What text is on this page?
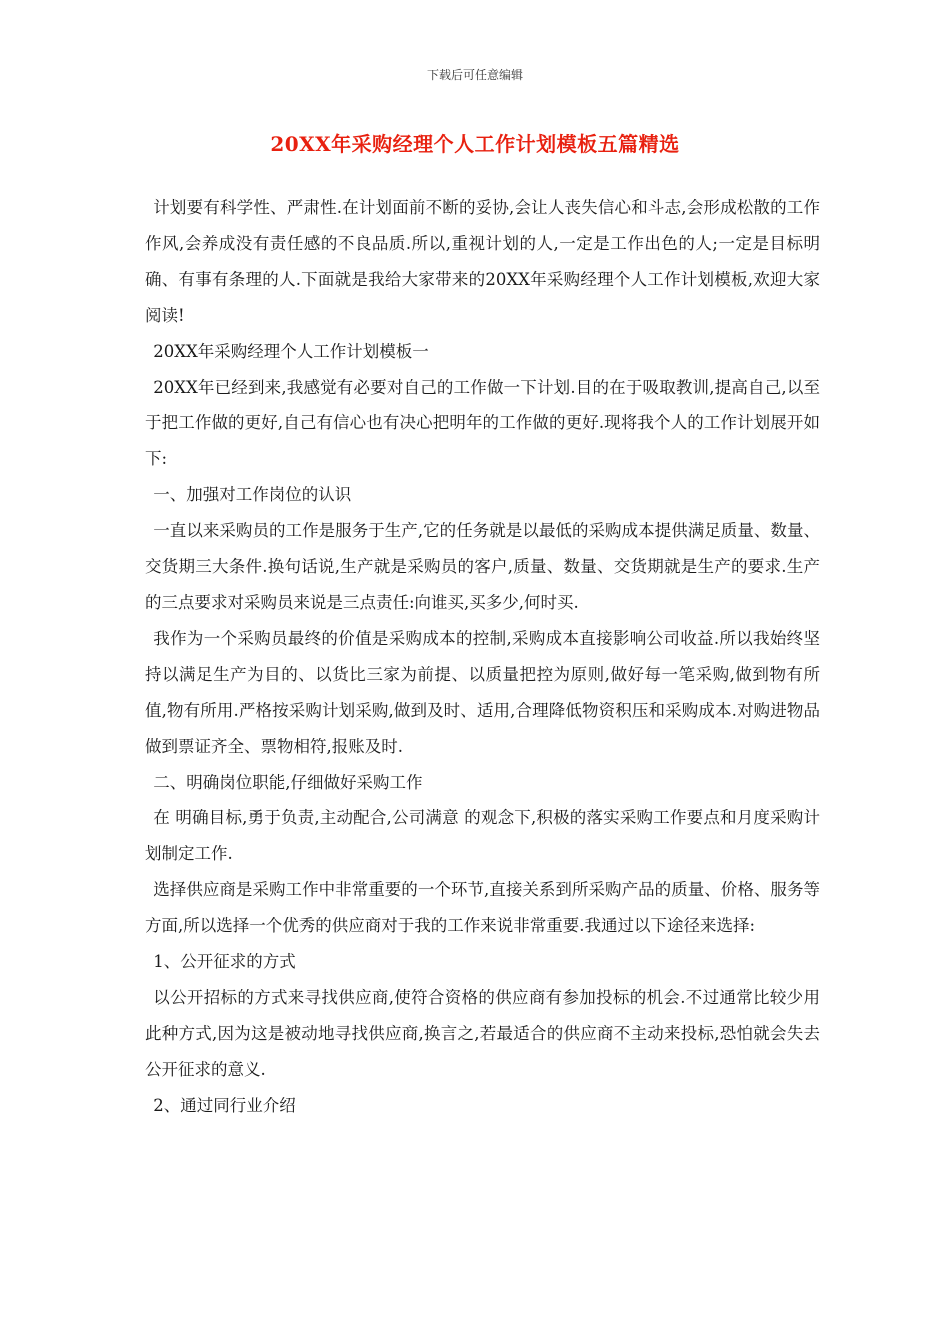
下载后可任意编辑
20XX年采购经理个人工作计划模板五篇精选

计划要有科学性、严肃性.在计划面前不断的妥协,会让人丧失信心和斗志,会形成松散的工作作风,会养成没有责任感的不良品质.所以,重视计划的人,一定是工作出色的人;一定是目标明确、有事有条理的人.下面就是我给大家带来的20XX年采购经理个人工作计划模板,欢迎大家阅读!

20XX年采购经理个人工作计划模板一

20XX年已经到来,我感觉有必要对自己的工作做一下计划.目的在于吸取教训,提高自己,以至于把工作做的更好,自己有信心也有决心把明年的工作做的更好.现将我个人的工作计划展开如下:

一、加强对工作岗位的认识

一直以来采购员的工作是服务于生产,它的任务就是以最低的采购成本提供满足质量、数量、交货期三大条件.换句话说,生产就是采购员的客户,质量、数量、交货期就是生产的要求.生产的三点要求对采购员来说是三点责任:向谁买,买多少,何时买.

我作为一个采购员最终的价值是采购成本的控制,采购成本直接影响公司收益.所以我始终坚持以满足生产为目的、以货比三家为前提、以质量把控为原则,做好每一笔采购,做到物有所值,物有所用.严格按采购计划采购,做到及时、适用,合理降低物资积压和采购成本.对购进物品做到票证齐全、票物相符,报账及时.

二、明确岗位职能,仔细做好采购工作

在 明确目标,勇于负责,主动配合,公司满意 的观念下,积极的落实采购工作要点和月度采购计划制定工作.

选择供应商是采购工作中非常重要的一个环节,直接关系到所采购产品的质量、价格、服务等方面,所以选择一个优秀的供应商对于我的工作来说非常重要.我通过以下途径来选择:

1、公开征求的方式

以公开招标的方式来寻找供应商,使符合资格的供应商有参加投标的机会.不过通常比较少用此种方式,因为这是被动地寻找供应商,换言之,若最适合的供应商不主动来投标,恐怕就会失去公开征求的意义.

2、通过同行业介绍
